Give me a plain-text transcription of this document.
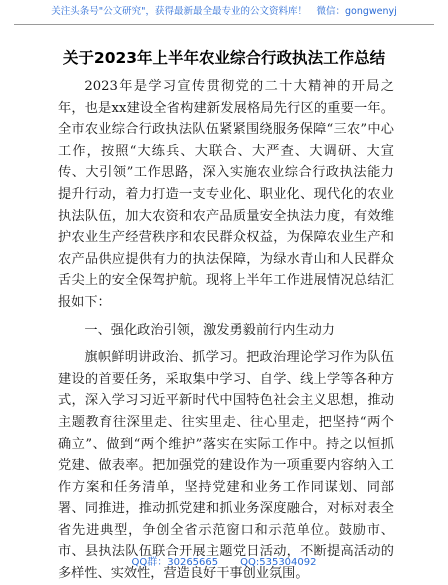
关注头条号"公文研究"，获得最新最全最专业的公文资料库！　微信：gongwenyj
关于2023年上半年农业综合行政执法工作总结

2023年是学习宣传贯彻党的二十大精神的开局之年，也是xx建设全省构建新发展格局先行区的重要一年。全市农业综合行政执法队伍紧紧围绕服务保障“三农”中心工作，按照“大练兵、大联合、大严查、大调研、大宣传、大引领”工作思路，深入实施农业综合行政执法能力提升行动，着力打造一支专业化、职业化、现代化的农业执法队伍，加大农资和农产品质量安全执法力度，有效维护农业生产经营秩序和农民群众权益，为保障农业生产和农产品供应提供有力的执法保障，为绿水青山和人民群众舌尖上的安全保驾护航。现将上半年工作进展情况总结汇报如下：

一、强化政治引领，激发勇毅前行内生动力

旗帜鲜明讲政治、抓学习。把政治理论学习作为队伍建设的首要任务，采取集中学习、自学、线上学等各种方式，深入学习习近平新时代中国特色社会主义思想，推动主题教育往深里走、往实里走、往心里走，把坚持“两个确立”、做到“两个维护”落实在实际工作中。持之以恒抓党建、做表率。把加强党的建设作为一项重要内容纳入工作方案和任务清单，坚持党建和业务工作同谋划、同部署、同推进，推动抓党建和抓业务深度融合，对标对表全省先进典型，争创全省示范窗口和示范单位。鼓励市、市、县执法队伍联合开展主题党日活动，不断提高活动的多样性、实效性，营造良好干事创业氛围。

QQ群：30265665 QQ:535304092
